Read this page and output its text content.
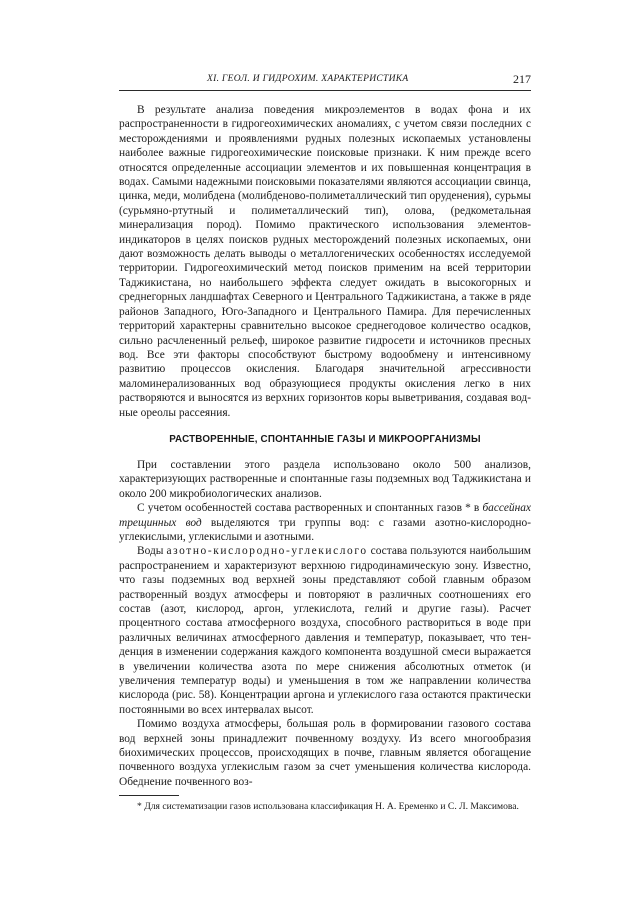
XI. ГЕОЛ. И ГИДРОХИМ. ХАРАКТЕРИСТИКА	217

В результате анализа поведения микроэлементов в водах фона и их распространенности в гидрогеохимических аномалиях, с учетом связи последних с месторождениями и проявлениями рудных полезных ископаемых установлены наиболее важные гидрогеохимические поисковые признаки. К ним прежде всего относятся определенные ассоциации элементов и их повышенная концентрация в водах. Самыми надежными поисковыми показателями являются ассоциации свинца, цинка, меди, молибдена (молибденово-полиметаллический тип оруденения), сурьмы (сурьмяно-ртутный и полиметаллический тип), олова, (редкометальная минерализация пород). Помимо практического использования элементов-индикаторов в целях поисков рудных месторождений полезных ископаемых, они дают возможность делать выводы о металлогенических особенностях исследуемой территории. Гидрогеохимический метод поисков применим на всей территории Таджикистана, но наибольшего эффекта следует ожидать в высокогорных и среднегорных ландшафтах Северного и Центрального Таджикистана, а также в ряде районов Западного, Юго-Западного и Центрального Памира. Для перечисленных территорий характерны сравнительно высокое среднегодовое количество осадков, сильно расчлененный рельеф, широкое развитие гидросети и источников пресных вод. Все эти факторы способствуют быстрому водообмену и интенсивному развитию процессов окисления. Благодаря значительной агрессивности маломинерализованных вод образующиеся продукты окисления легко в них растворяются и выносятся из верхних горизонтов коры выветривания, создавая водные ореолы рассеяния.

РАСТВОРЕННЫЕ, СПОНТАННЫЕ ГАЗЫ И МИКРООРГАНИЗМЫ

При составлении этого раздела использовано около 500 анализов, характеризующих растворенные и спонтанные газы подземных вод Таджикистана и около 200 микробиологических анализов.

С учетом особенностей состава растворенных и спонтанных газов * в бассейнах трещинных вод выделяются три группы вод: с газами азотно-кислородно-углекислыми, углекислыми и азотными.

Воды азотно-кислородно-углекислого состава пользуются наибольшим распространением и характеризуют верхнюю гидродинамическую зону. Известно, что газы подземных вод верхней зоны представляют собой главным образом растворенный воздух атмосферы и повторяют в различных соотношениях его состав (азот, кислород, аргон, углекислота, гелий и другие газы). Расчет процентного состава атмосферного воздуха, способного раствориться в воде при различных величинах атмосферного давления и температур, показывает, что тенденция в изменении содержания каждого компонента воздушной смеси выражается в увеличении количества азота по мере снижения абсолютных отметок (и увеличения температур воды) и уменьшения в том же направлении количества кислорода (рис. 58). Концентрации аргона и углекислого газа остаются практически постоянными во всех интервалах высот.

Помимо воздуха атмосферы, большая роль в формировании газового состава вод верхней зоны принадлежит почвенному воздуху. Из всего многообразия биохимических процессов, происходящих в почве, главным является обогащение почвенного воздуха углекислым газом за счет уменьшения количества кислорода. Обеднение почвенного воз-

* Для систематизации газов использована классификация Н. А. Еременко и С. Л. Максимова.
